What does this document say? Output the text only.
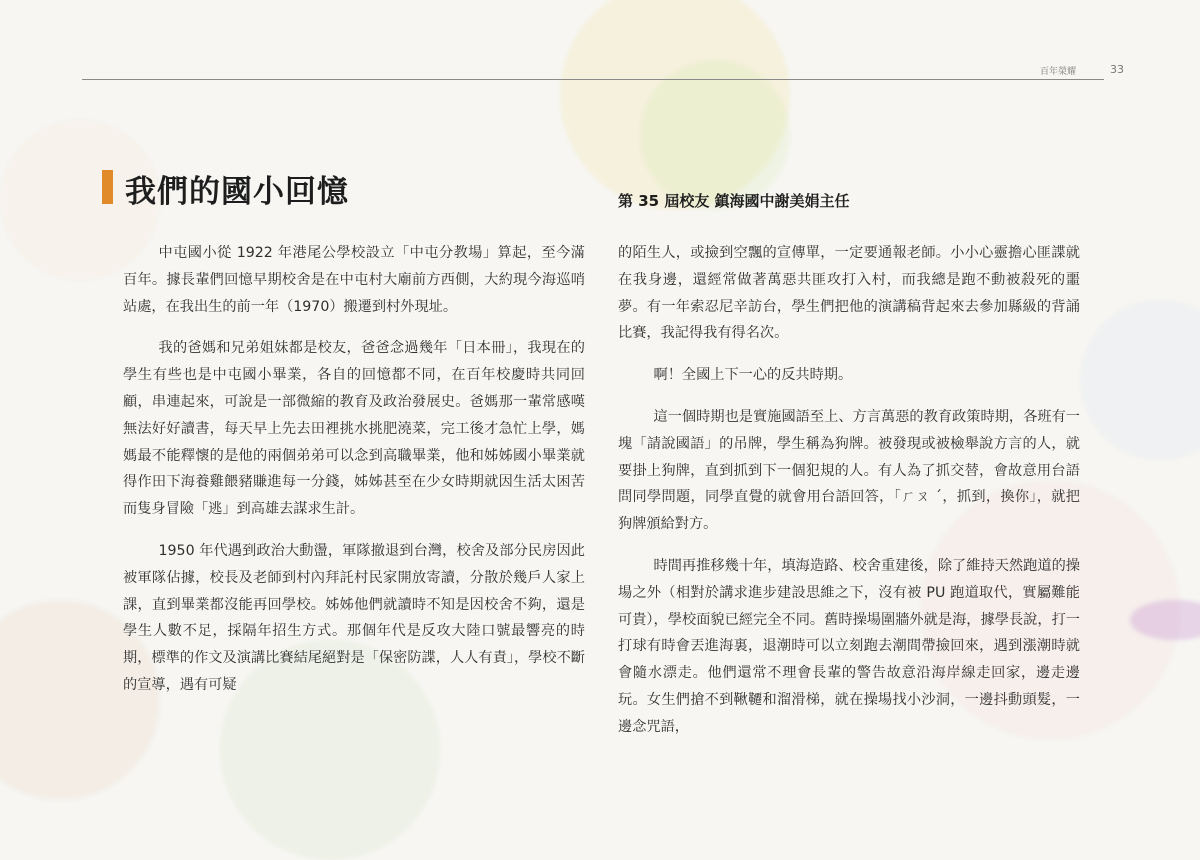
百年榮耀	33
我們的國小回憶	第 35 屆校友 鎮海國中謝美娟主任

中屯國小從 1922 年港尾公學校設立「中屯分教場」算起，至今滿百年。據長輩們回憶早期校舍是在中屯村大廟前方西側，大約現今海巡哨站處，在我出生的前一年（1970）搬遷到村外現址。

我的爸媽和兄弟姐妹都是校友，爸爸念過幾年「日本冊」，我現在的學生有些也是中屯國小畢業，各自的回憶都不同，在百年校慶時共同回顧，串連起來，可說是一部微縮的教育及政治發展史。爸媽那一輩常感嘆無法好好讀書，每天早上先去田裡挑水挑肥澆菜，完工後才急忙上學，媽媽最不能釋懷的是他的兩個弟弟可以念到高職畢業，他和姊姊國小畢業就得作田下海養雞餵豬賺進每一分錢，姊姊甚至在少女時期就因生活太困苦而隻身冒險「逃」到高雄去謀求生計。

1950 年代遇到政治大動盪，軍隊撤退到台灣，校舍及部分民房因此被軍隊佔據，校長及老師到村內拜託村民家開放寄讀，分散於幾戶人家上課，直到畢業都沒能再回學校。姊姊他們就讀時不知是因校舍不夠，還是學生人數不足，採隔年招生方式。那個年代是反攻大陸口號最響亮的時期，標準的作文及演講比賽結尾絕對是「保密防諜，人人有責」，學校不斷的宣導，遇有可疑

的陌生人，或撿到空飄的宣傳單，一定要通報老師。小小心靈擔心匪諜就在我身邊，還經常做著萬惡共匪攻打入村，而我總是跑不動被殺死的噩夢。有一年索忍尼辛訪台，學生們把他的演講稿背起來去參加縣級的背誦比賽，我記得我有得名次。

啊！全國上下一心的反共時期。

這一個時期也是實施國語至上、方言萬惡的教育政策時期，各班有一塊「請說國語」的吊牌，學生稱為狗牌。被發現或被檢舉說方言的人，就要掛上狗牌，直到抓到下一個犯規的人。有人為了抓交替，會故意用台語問同學問題，同學直覺的就會用台語回答，「ㄏㄡ ˊ，抓到，換你」，就把狗牌頒給對方。

時間再推移幾十年，填海造路、校舍重建後，除了維持天然跑道的操場之外（相對於講求進步建設思維之下，沒有被 PU 跑道取代，實屬難能可貴），學校面貌已經完全不同。舊時操場圍牆外就是海，據學長說，打一打球有時會丟進海裏，退潮時可以立刻跑去潮間帶撿回來，遇到漲潮時就會隨水漂走。他們還常不理會長輩的警告故意沿海岸線走回家，邊走邊玩。女生們搶不到鞦韆和溜滑梯，就在操場找小沙洞，一邊抖動頭髮，一邊念咒語，
